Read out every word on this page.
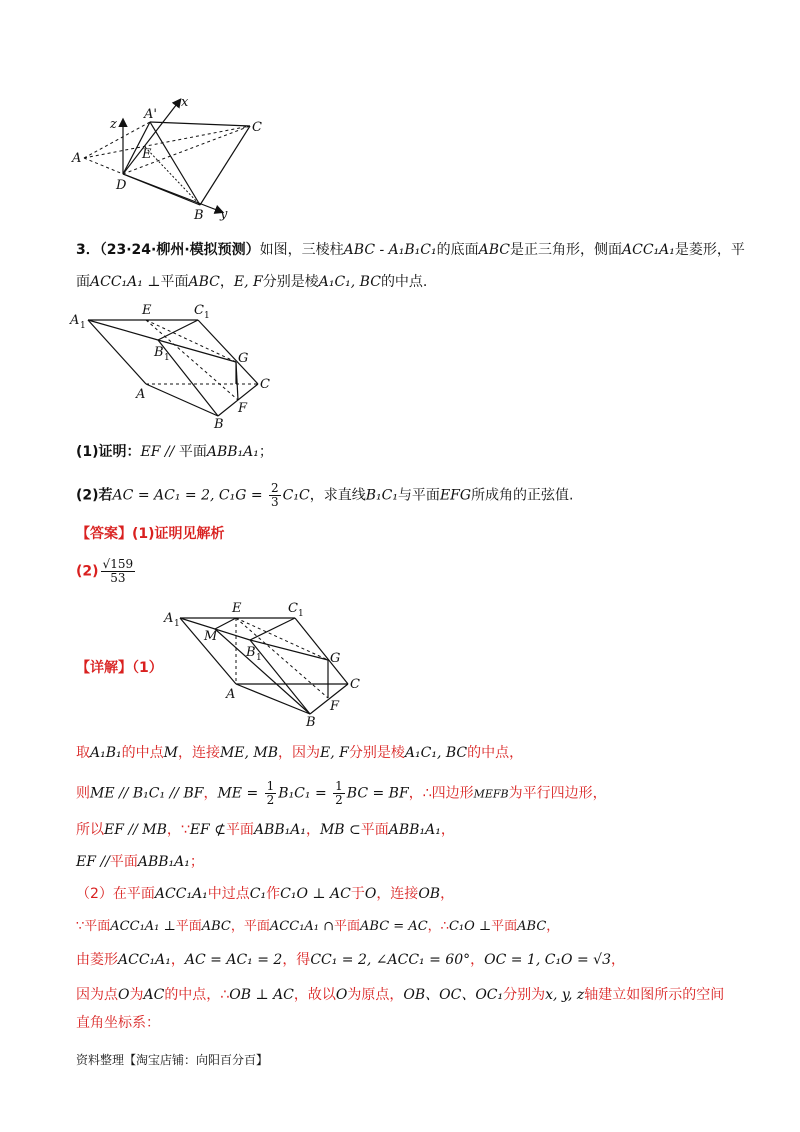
x
y
z
A'
C
A	E
D
B
3．（23·24·柳州·模拟预测）如图，三棱柱ABC - A₁B₁C₁的底面ABC是正三角形，侧面ACC₁A₁是菱形，平
面ACC₁A₁ ⊥平面ABC，E, F分别是棱A₁C₁, BC的中点.
A 1
E	C 1
B 1	G
C
A
F
B
(1)证明：EF // 平面ABB₁A₁；
(2)若AC = AC₁ = 2, $C_1G = \frac{2}{3} C_1C$，求直线B₁C₁与平面EFG所成角的正弦值.
【答案】(1)证明见解析
$(2) \frac{√159}{53}$
A 1
E	C 1
M
B 1	G
C
A
F
B
【详解】（1）
取A₁B₁的中点M，连接ME, MB，因为E, F分别是棱A₁C₁, BC的中点，
则ME // B₁C₁ // BF，ME = $\frac{1}{2} B_1C_1 = \frac{1}{2}$ BC = BF，∴四边形MEFB为平行四边形，
所以EF // MB，∵EF ⊄平面ABB₁A₁，MB ⊂平面ABB₁A₁，
EF //平面ABB₁A₁；
（2）在平面ACC₁A₁中过点C₁作C₁O ⊥ AC于O，连接OB，
∵平面ACC₁A₁ ⊥平面ABC，平面ACC₁A₁ ∩平面ABC = AC，∴C₁O ⊥平面ABC，
由菱形ACC₁A₁，AC = AC₁ = 2，得CC₁ = 2, ∠ACC₁ = 60°，OC = 1, C₁O = √3，
因为点O为AC的中点，∴OB ⊥ AC，故以O为原点，OB、OC、OC₁分别为x, y, z轴建立如图所示的空间
直角坐标系：
资料整理【淘宝店铺：向阳百分百】
